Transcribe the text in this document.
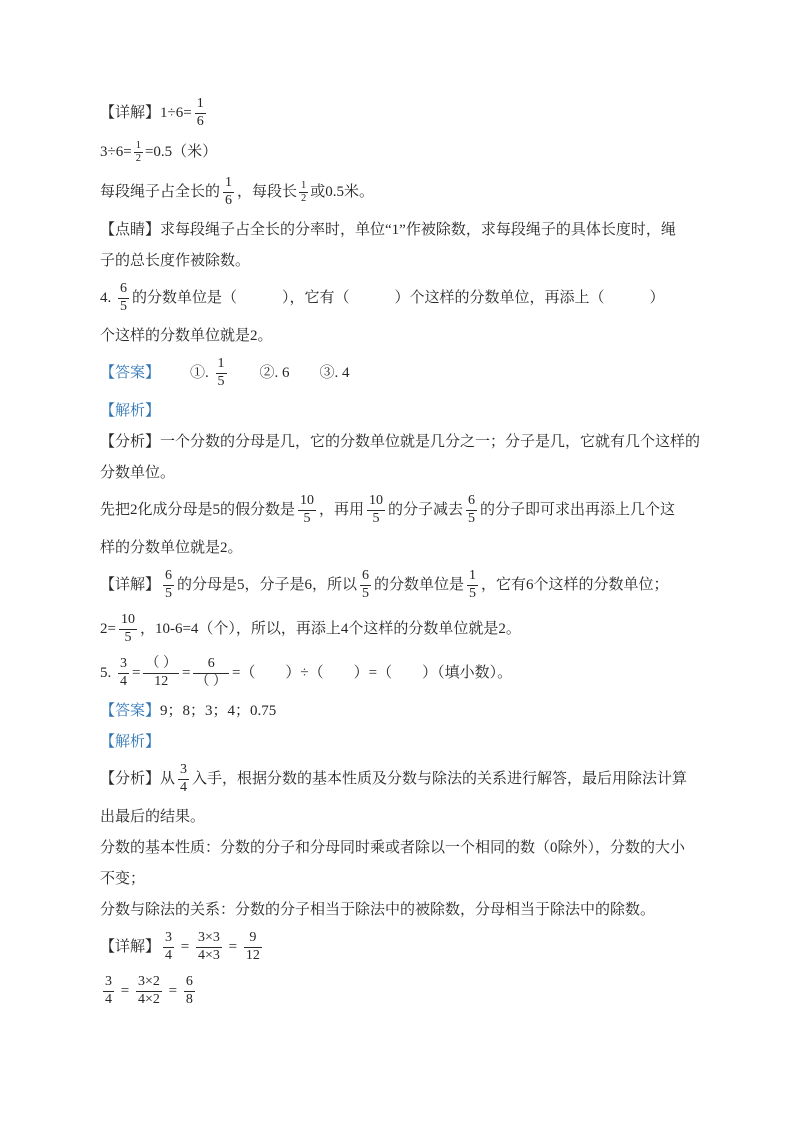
【详解】$1\div 6= \frac{1}{6}$
$3\div 6= \frac{1}{2} =0.5$（米）
每段绳子占全长的 $\frac{1}{6}$ ，每段长 $\frac{1}{2}$ 或0.5米。
【点睛】求每段绳子占全长的分率时，单位“1”作被除数，求每段绳子的具体长度时，绳
子的总长度作被除数。
4. $\frac{6}{5}$ 的分数单位是（　　　），它有（　　　）个这样的分数单位，再添上（　　　）
个这样的分数单位就是2。
【答案】 　　①. $\frac{1}{5}$ 　　②. 6　　③. 4
【解析】
【分析】一个分数的分母是几，它的分数单位就是几分之一；分子是几，它就有几个这样的
分数单位。
先把2化成分母是5的假分数是 $\frac{10}{5}$ ，再用 $\frac{10}{5}$ 的分子减去 $\frac{6}{5}$ 的分子即可求出再添上几个这
样的分数单位就是2。
【详解】 $\frac{6}{5}$ 的分母是5，分子是6，所以 $\frac{6}{5}$ 的分数单位是 $\frac{1}{5}$ ，它有6个这样的分数单位；
$2= \frac{10}{5}$ ，10-6=4（个），所以，再添上4个这样的分数单位就是2。
5. $\frac{3}{4} = \frac{( )}{12} = \frac{6}{( )}$ =（　　）÷（　　）=（　　）（填小数）。
【答案】 9；8；3；4；0.75
【解析】
【分析】从 $\frac{3}{4}$ 入手，根据分数的基本性质及分数与除法的关系进行解答，最后用除法计算
出最后的结果。
分数的基本性质：分数的分子和分母同时乘或者除以一个相同的数（0除外），分数的大小
不变；
分数与除法的关系：分数的分子相当于除法中的被除数，分母相当于除法中的除数。
【详解】 $\frac{3}{4} = \frac{3\times 3}{4\times 3} = \frac{9}{12}$
$\frac{3}{4} = \frac{3\times 2}{4\times 2} = \frac{6}{8}$
